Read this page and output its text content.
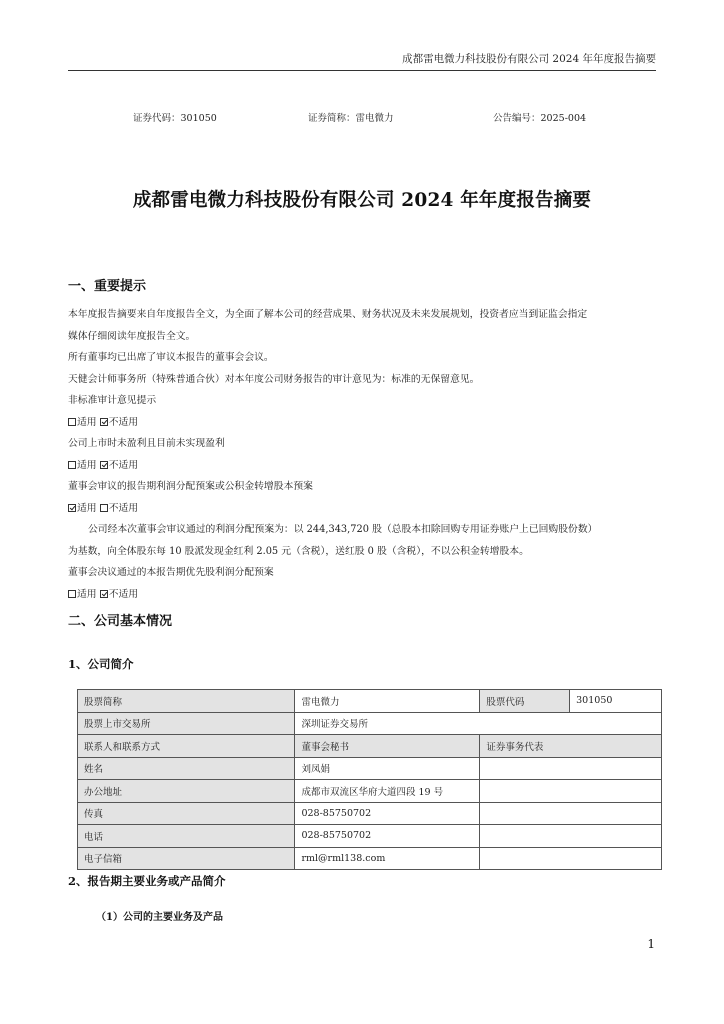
成都雷电微力科技股份有限公司 2024 年年度报告摘要
证券代码：301050	证券简称：雷电微力	公告编号：2025-004
成都雷电微力科技股份有限公司 2024 年年度报告摘要
一、重要提示

本年度报告摘要来自年度报告全文，为全面了解本公司的经营成果、财务状况及未来发展规划，投资者应当到证监会指定

媒体仔细阅读年度报告全文。

所有董事均已出席了审议本报告的董事会会议。

天健会计师事务所（特殊普通合伙）对本年度公司财务报告的审计意见为：标准的无保留意见。

非标准审计意见提示

适用 不适用

公司上市时未盈利且目前未实现盈利

适用 不适用

董事会审议的报告期利润分配预案或公积金转增股本预案

适用 不适用

公司经本次董事会审议通过的利润分配预案为：以 244,343,720 股（总股本扣除回购专用证券账户上已回购股份数）

为基数，向全体股东每 10 股派发现金红利 2.05 元（含税），送红股 0 股（含税），不以公积金转增股本。

董事会决议通过的本报告期优先股利润分配预案

适用 不适用

二、公司基本情况
1、公司简介
股票简称	雷电微力	股票代码	301050
股票上市交易所	深圳证券交易所		
联系人和联系方式	董事会秘书	证券事务代表	
姓名	刘凤娟		
办公地址	成都市双流区华府大道四段 19 号		
传真	028-85750702		
电话	028-85750702		
电子信箱	rml@rml138.com		
2、报告期主要业务或产品简介
（1）公司的主要业务及产品
1
